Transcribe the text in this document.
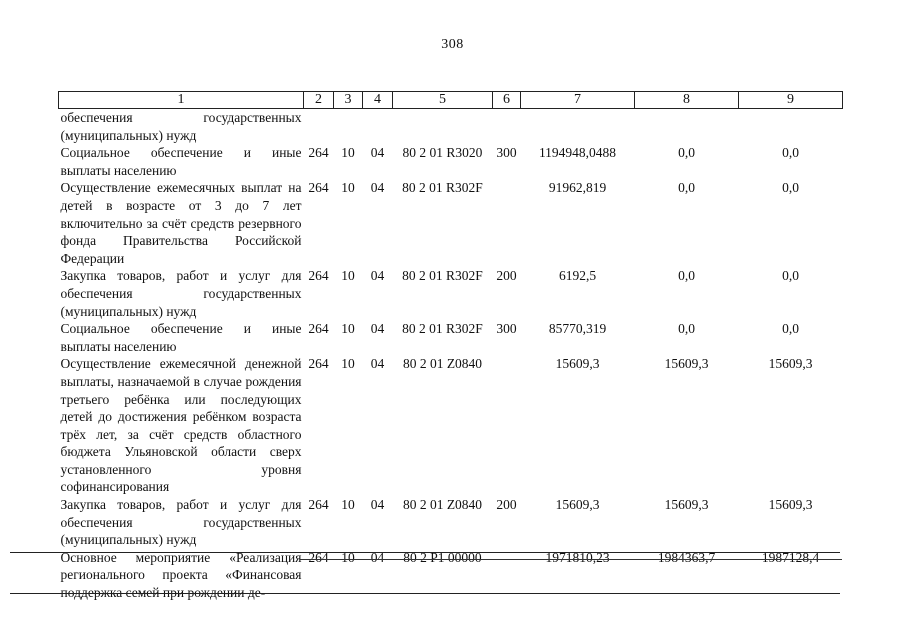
308
1	2	3	4	5	6	7	8	9
обеспечения государственных (муниципальных) нужд								
Социальное обеспечение и иные выплаты населению	264	10	04	80 2 01 R3020	300	1194948,0488	0,0	0,0
Осуществление ежемесячных выплат на детей в возрасте от 3 до 7 лет включительно за счёт средств резервного фонда Правительства Российской Федерации	264	10	04	80 2 01 R302F		91962,819	0,0	0,0
Закупка товаров, работ и услуг для обеспечения государственных (муниципальных) нужд	264	10	04	80 2 01 R302F	200	6192,5	0,0	0,0
Социальное обеспечение и иные выплаты населению	264	10	04	80 2 01 R302F	300	85770,319	0,0	0,0
Осуществление ежемесячной денежной выплаты, назначаемой в случае рождения третьего ребёнка или последующих детей до достижения ребёнком возраста трёх лет, за счёт средств областного бюджета Ульяновской области сверх установленного уровня софинансирования	264	10	04	80 2 01 Z0840		15609,3	15609,3	15609,3
Закупка товаров, работ и услуг для обеспечения государственных (муниципальных) нужд	264	10	04	80 2 01 Z0840	200	15609,3	15609,3	15609,3
Основное мероприятие «Реализация регионального проекта «Финансовая поддержка семей при рождении де-	264	10	04	80 2 P1 00000		1971810,23	1984363,7	1987128,4
